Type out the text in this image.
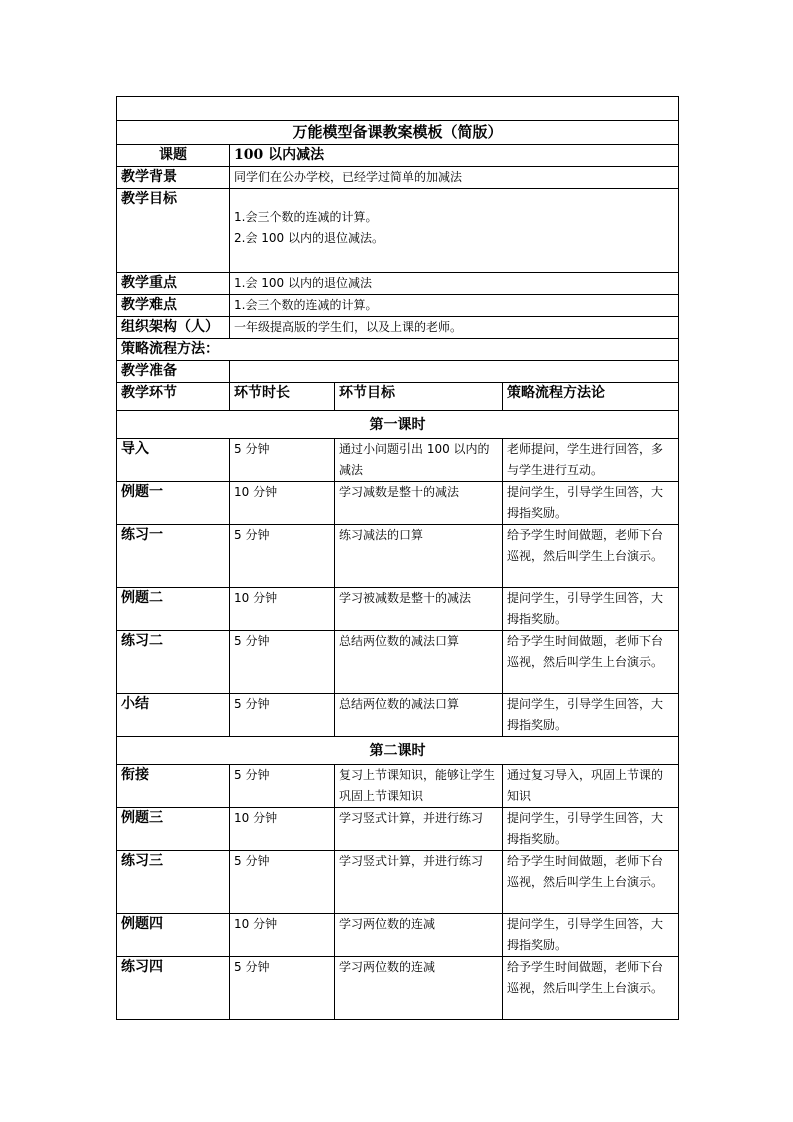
万能模型备课教案模板（简版）			
课题	100 以内减法		
教学背景	同学们在公办学校，已经学过简单的加减法		
教学目标	1.会三个数的连减的计算。
2.会 100 以内的退位减法。		

教学重点	1.会 100 以内的退位减法		
教学难点	1.会三个数的连减的计算。		
组织架构（人）	一年级提高版的学生们，以及上课的老师。		
策略流程方法：			
教学准备			
教学环节	环节时长	环节目标	策略流程方法论
第一课时			
导入	5 分钟	通过小问题引出 100 以内的减法	老师提问，学生进行回答，多与学生进行互动。
例题一	10 分钟	学习减数是整十的减法	提问学生，引导学生回答，大拇指奖励。
练习一	5 分钟	练习减法的口算	给予学生时间做题，老师下台巡视，然后叫学生上台演示。
例题二	10 分钟	学习被减数是整十的减法	提问学生，引导学生回答，大拇指奖励。
练习二	5 分钟	总结两位数的减法口算	给予学生时间做题，老师下台巡视，然后叫学生上台演示。
小结	5 分钟	总结两位数的减法口算	提问学生，引导学生回答，大拇指奖励。
第二课时			
衔接	5 分钟	复习上节课知识，能够让学生巩固上节课知识	通过复习导入，巩固上节课的知识
例题三	10 分钟	学习竖式计算，并进行练习	提问学生，引导学生回答，大拇指奖励。
练习三	5 分钟	学习竖式计算，并进行练习	给予学生时间做题，老师下台巡视，然后叫学生上台演示。
例题四	10 分钟	学习两位数的连减	提问学生，引导学生回答，大拇指奖励。
练习四	5 分钟	学习两位数的连减	给予学生时间做题，老师下台巡视，然后叫学生上台演示。
